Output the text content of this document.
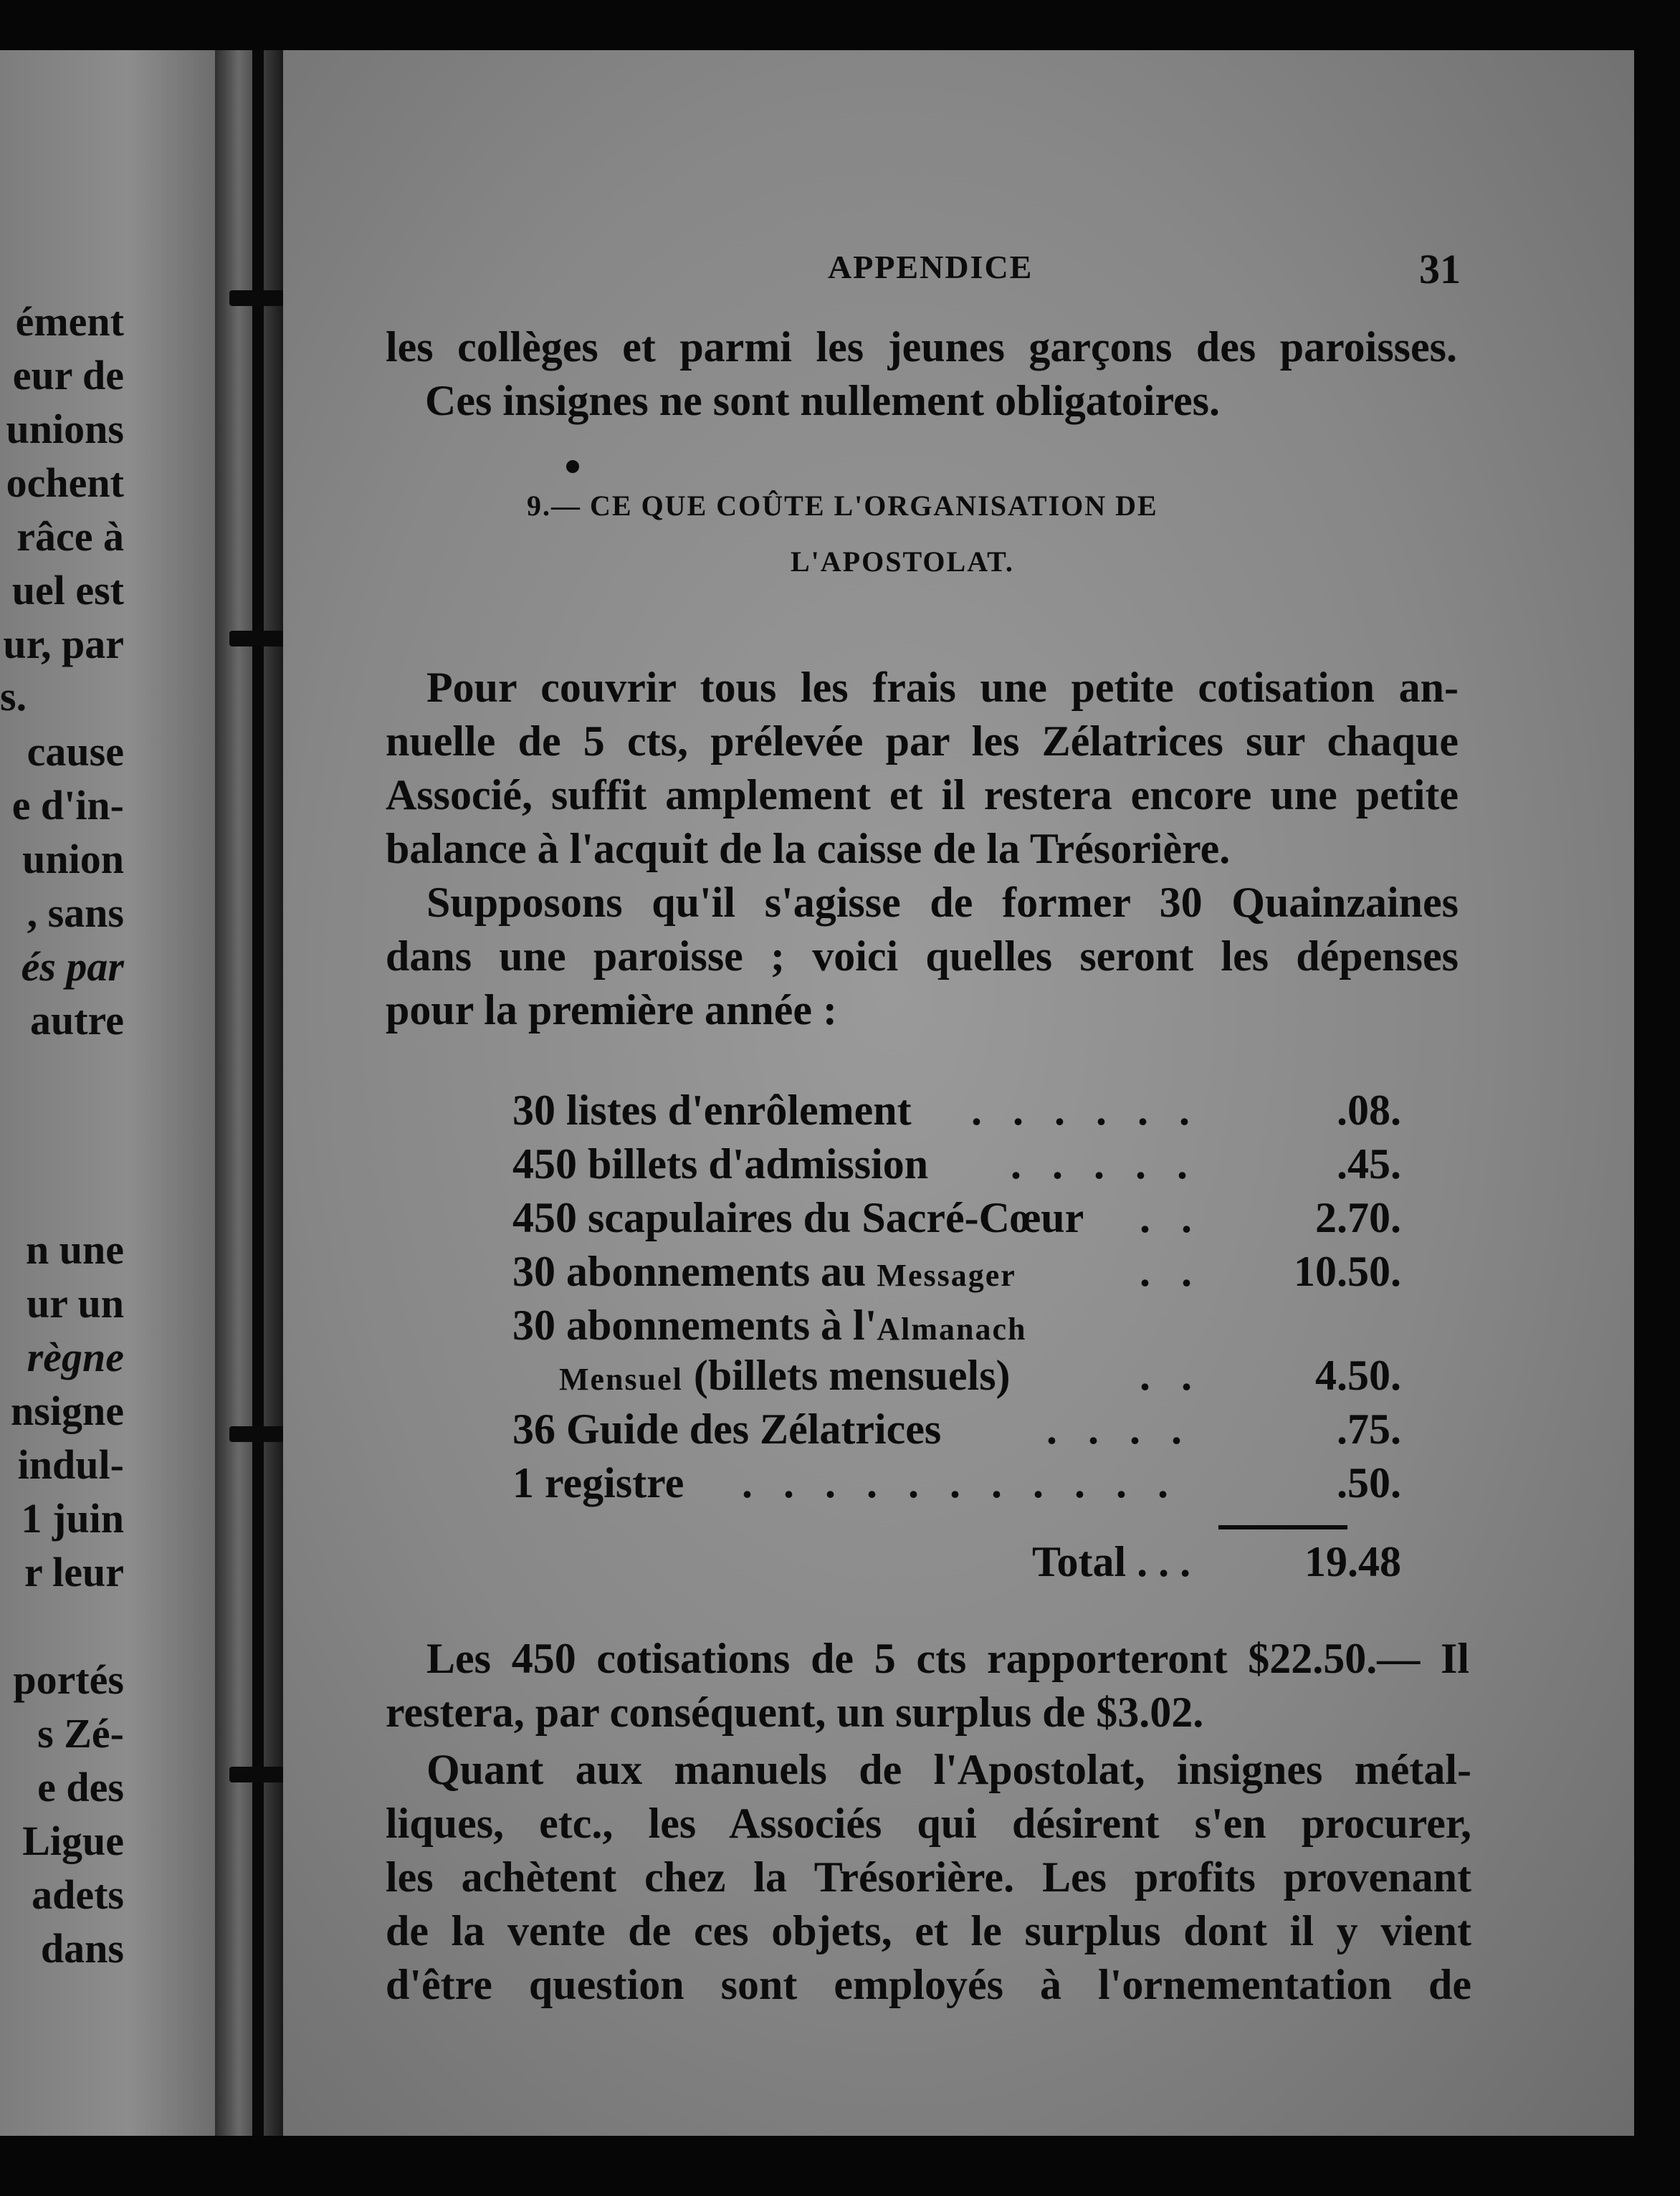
ément
eur de
unions
ochent
râce à
uel est
ur, par
s.
cause
e d'in-
union
, sans
és par
autre
n une
ur un
règne
nsigne
indul-
1 juin
r leur
portés
s Zé-
e des
Ligue
adets
dans
APPENDICE	31
les collèges et parmi les jeunes garçons des paroisses.
Ces insignes ne sont nullement obligatoires.
9.— CE QUE COÛTE L'ORGANISATION DE
L'APOSTOLAT.
Pour couvrir tous les frais une petite cotisation an-
nuelle de 5 cts, prélevée par les Zélatrices sur chaque
Associé, suffit amplement et il restera encore une petite
balance à l'acquit de la caisse de la Trésorière.
Supposons qu'il s'agisse de former 30 Quainzaines
dans une paroisse ; voici quelles seront les dépenses
pour la première année :
30 listes d'enrôlement . . . . . .	.08.
450 billets d'admission . . . . .	.45.
450 scapulaires du Sacré-Cœur . .	2.70.
30 abonnements au Messager	. . 10.50.
30 abonnements à l'Almanach
Mensuel (billets mensuels)	. .	4.50.
36 Guide des Zélatrices . . . .	.75.
1 registre . . . . . . . . . . .	.50.
Total . . .	19.48
Les 450 cotisations de 5 cts rapporteront $22.50.— Il
restera, par conséquent, un surplus de $3.02.
Quant aux manuels de l'Apostolat, insignes métal-
liques, etc., les Associés qui désirent s'en procurer,
les achètent chez la Trésorière. Les profits provenant
de la vente de ces objets, et le surplus dont il y vient
d'être question sont employés à l'ornementation de
